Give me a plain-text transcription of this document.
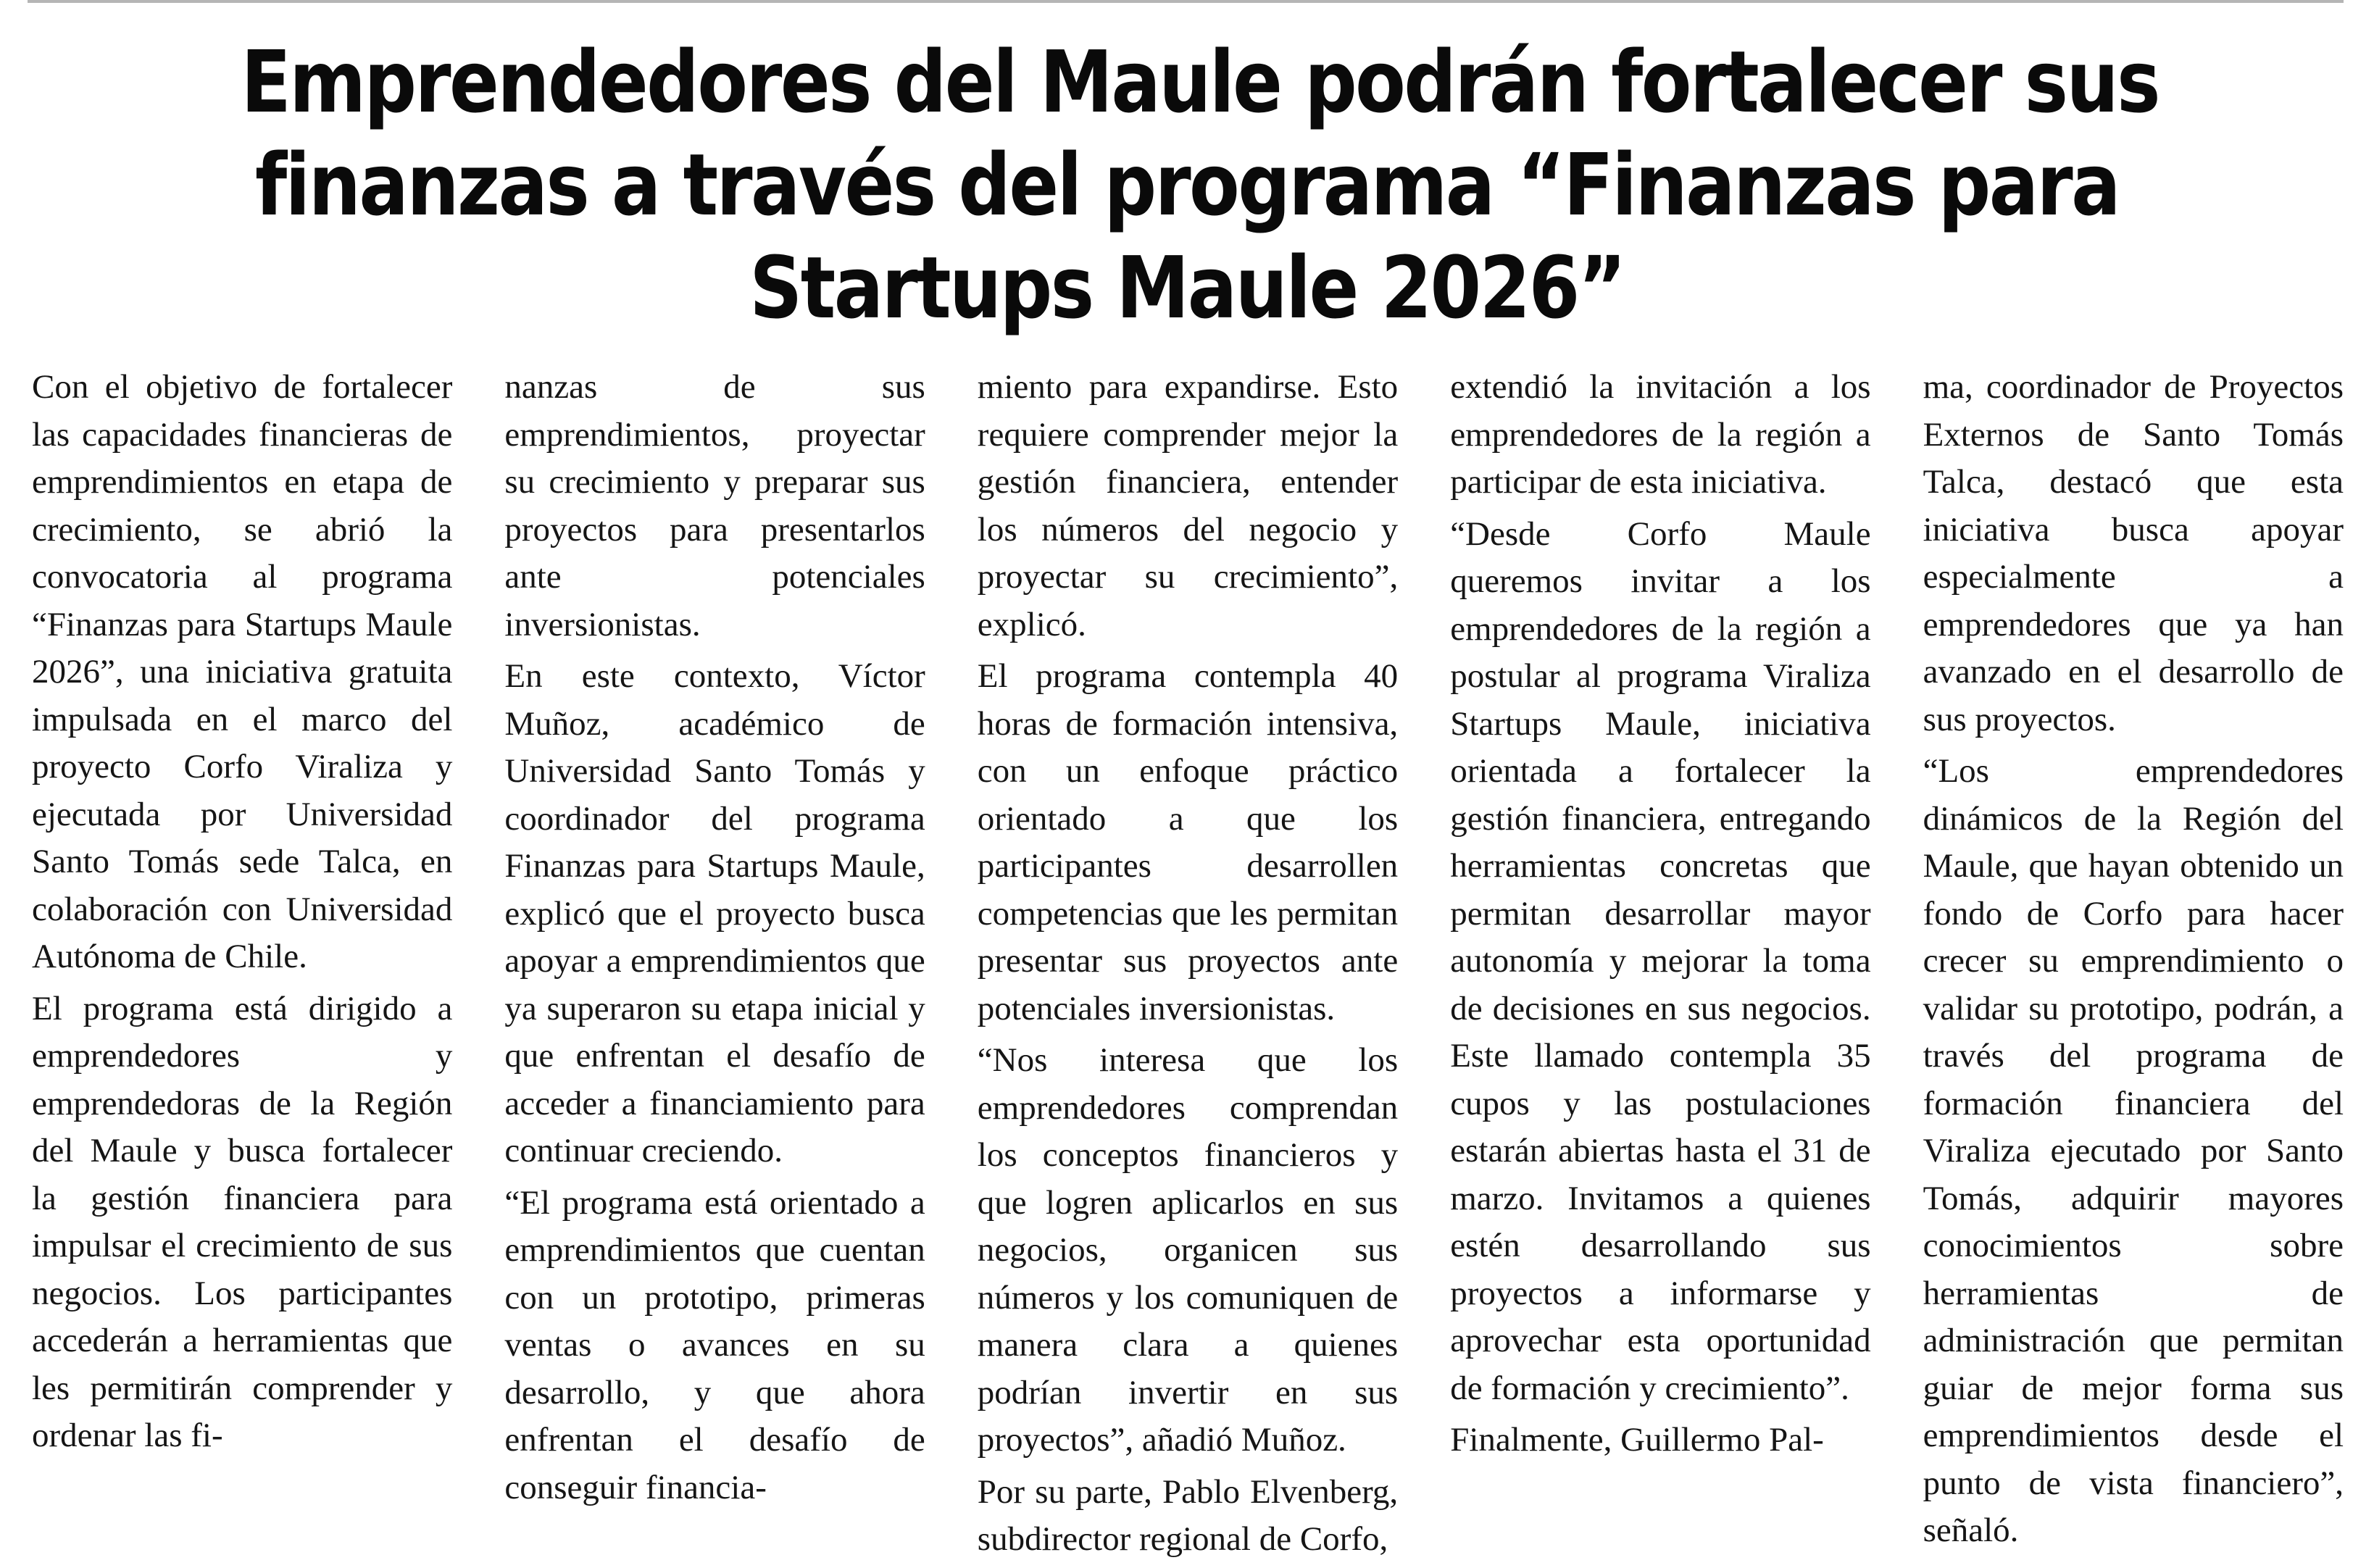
Emprendedores del Maule podrán fortalecer sus
finanzas a través del programa “Finanzas para
Startups Maule 2026”

Con el objetivo de fortalecer las capacidades financieras de emprendimientos en etapa de crecimiento, se abrió la convocatoria al programa “Finanzas para Startups Maule 2026”, una iniciativa gratuita impulsada en el marco del proyecto Corfo Viraliza y ejecutada por Universidad Santo Tomás sede Talca, en colaboración con Universidad Autónoma de Chile.

El programa está dirigido a emprendedores y emprendedoras de la Región del Maule y busca fortalecer la gestión financiera para impulsar el crecimiento de sus negocios. Los participantes accederán a herramientas que les permitirán comprender y ordenar las fi-

nanzas de sus emprendimientos, proyectar su crecimiento y preparar sus proyectos para presentarlos ante potenciales inversionistas.

En este contexto, Víctor Muñoz, académico de Universidad Santo Tomás y coordinador del programa Finanzas para Startups Maule, explicó que el proyecto busca apoyar a emprendimientos que ya superaron su etapa inicial y que enfrentan el desafío de acceder a financiamiento para continuar creciendo.

“El programa está orientado a emprendimientos que cuentan con un prototipo, primeras ventas o avances en su desarrollo, y que ahora enfrentan el desafío de conseguir financia-

miento para expandirse. Esto requiere comprender mejor la gestión financiera, entender los números del negocio y proyectar su crecimiento”, explicó.

El programa contempla 40 horas de formación intensiva, con un enfoque práctico orientado a que los participantes desarrollen competencias que les permitan presentar sus proyectos ante potenciales inversionistas.

“Nos interesa que los emprendedores comprendan los conceptos financieros y que logren aplicarlos en sus negocios, organicen sus números y los comuniquen de manera clara a quienes podrían invertir en sus proyectos”, añadió Muñoz.

Por su parte, Pablo Elvenberg, subdirector regional de Corfo,

extendió la invitación a los emprendedores de la región a participar de esta iniciativa.

“Desde Corfo Maule queremos invitar a los emprendedores de la región a postular al programa Viraliza Startups Maule, iniciativa orientada a fortalecer la gestión financiera, entregando herramientas concretas que permitan desarrollar mayor autonomía y mejorar la toma de decisiones en sus negocios. Este llamado contempla 35 cupos y las postulaciones estarán abiertas hasta el 31 de marzo. Invitamos a quienes estén desarrollando sus proyectos a informarse y aprovechar esta oportunidad de formación y crecimiento”.

Finalmente, Guillermo Pal-

ma, coordinador de Proyectos Externos de Santo Tomás Talca, destacó que esta iniciativa busca apoyar especialmente a emprendedores que ya han avanzado en el desarrollo de sus proyectos.

“Los emprendedores dinámicos de la Región del Maule, que hayan obtenido un fondo de Corfo para hacer crecer su emprendimiento o validar su prototipo, podrán, a través del programa de formación financiera del Viraliza ejecutado por Santo Tomás, adquirir mayores conocimientos sobre herramientas de administración que permitan guiar de mejor forma sus emprendimientos desde el punto de vista financiero”, señaló.
